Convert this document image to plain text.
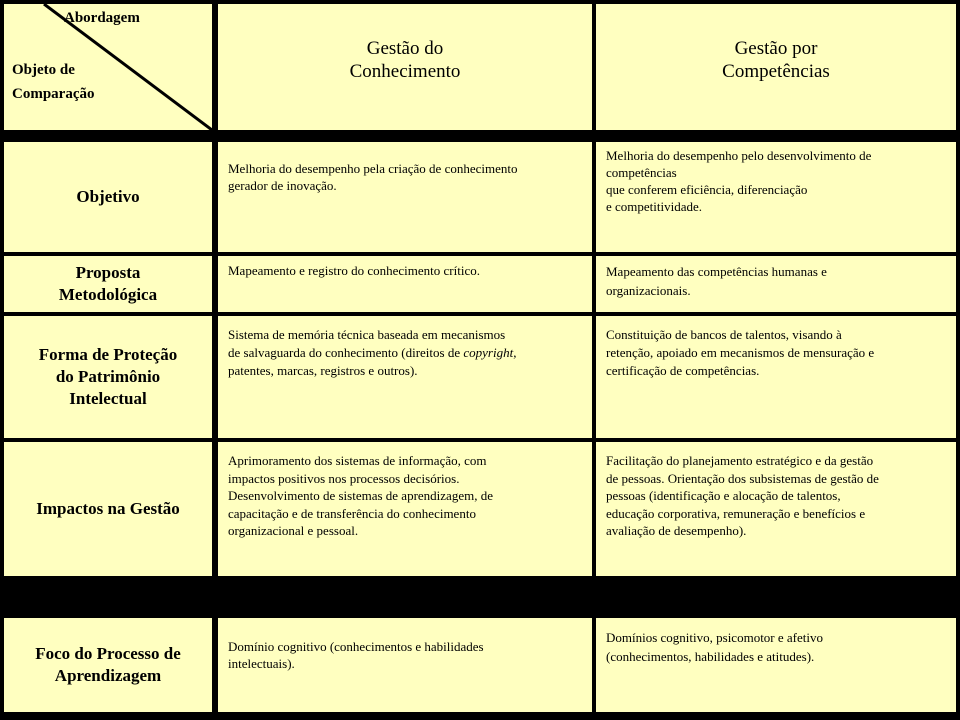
Abordagem
Objeto de
Comparação
Gestão do
Conhecimento
Gestão por
Competências
Objetivo
Melhoria do desempenho pela criação de conhecimento
gerador de inovação.
Melhoria do desempenho pelo desenvolvimento de
competências
que conferem eficiência, diferenciação
e competitividade.
Proposta
Metodológica
Mapeamento e registro do conhecimento crítico.	Mapeamento das competências humanas e
organizacionais.
Forma de Proteção
do Patrimônio
Intelectual
Sistema de memória técnica baseada em mecanismos
de salvaguarda do conhecimento (direitos de copyright,
patentes, marcas, registros e outros).
Constituição de bancos de talentos, visando à
retenção, apoiado em mecanismos de mensuração e
certificação de competências.
Impactos na Gestão
Aprimoramento dos sistemas de informação, com
impactos positivos nos processos decisórios.
Desenvolvimento de sistemas de aprendizagem, de
capacitação e de transferência do conhecimento
organizacional e pessoal.
Facilitação do planejamento estratégico e da gestão
de pessoas. Orientação dos subsistemas de gestão de
pessoas (identificação e alocação de talentos,
educação corporativa, remuneração e benefícios e
avaliação de desempenho).
Foco do Processo de
Aprendizagem
Domínio cognitivo (conhecimentos e habilidades
intelectuais).
Domínios cognitivo, psicomotor e afetivo
(conhecimentos, habilidades e atitudes).
